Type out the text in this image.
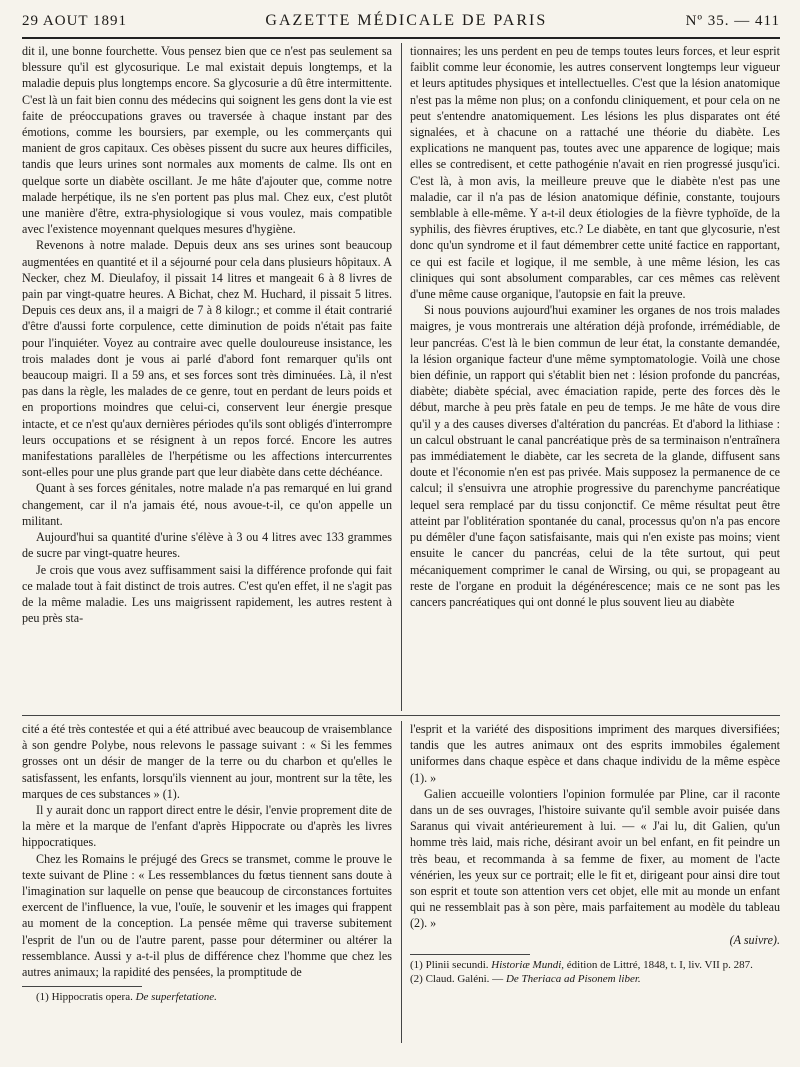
29 AOUT 1891	GAZETTE MÉDICALE DE PARIS	Nº 35. — 411

dit il, une bonne fourchette. Vous pensez bien que ce n'est pas seulement sa blessure qu'il est glycosurique. Le mal existait depuis longtemps, et la maladie depuis plus longtemps encore. Sa glycosurie a dû être intermittente. C'est là un fait bien connu des médecins qui soignent les gens dont la vie est faite de préoccupations graves ou traversée à chaque instant par des émotions, comme les boursiers, par exemple, ou les commerçants qui manient de gros capitaux. Ces obèses pissent du sucre aux heures difficiles, tandis que leurs urines sont normales aux moments de calme. Ils ont en quelque sorte un diabète oscillant. Je me hâte d'ajouter que, comme notre malade herpétique, ils ne s'en portent pas plus mal. Chez eux, c'est plutôt une manière d'être, extra-physiologique si vous voulez, mais compatible avec l'existence moyennant quelques mesures d'hygiène.

Revenons à notre malade. Depuis deux ans ses urines sont beaucoup augmentées en quantité et il a séjourné pour cela dans plusieurs hôpitaux. A Necker, chez M. Dieulafoy, il pissait 14 litres et mangeait 6 à 8 livres de pain par vingt-quatre heures. A Bichat, chez M. Huchard, il pissait 5 litres. Depuis ces deux ans, il a maigri de 7 à 8 kilogr.; et comme il était contrarié d'être d'aussi forte corpulence, cette diminution de poids n'était pas faite pour l'inquiéter. Voyez au contraire avec quelle douloureuse insistance, les trois malades dont je vous ai parlé d'abord font remarquer qu'ils ont beaucoup maigri. Il a 59 ans, et ses forces sont très diminuées. Là, il n'est pas dans la règle, les malades de ce genre, tout en perdant de leurs poids et en proportions moindres que celui-ci, conservent leur énergie presque intacte, et ce n'est qu'aux dernières périodes qu'ils sont obligés d'interrompre leurs occupations et se résignent à un repos forcé. Encore les autres manifestations parallèles de l'herpétisme ou les affections intercurrentes sont-elles pour une plus grande part que leur diabète dans cette déchéance.

Quant à ses forces génitales, notre malade n'a pas remarqué en lui grand changement, car il n'a jamais été, nous avoue-t-il, ce qu'on appelle un militant.

Aujourd'hui sa quantité d'urine s'élève à 3 ou 4 litres avec 133 grammes de sucre par vingt-quatre heures.

Je crois que vous avez suffisamment saisi la différence profonde qui fait ce malade tout à fait distinct de trois autres. C'est qu'en effet, il ne s'agit pas de la même maladie. Les uns maigrissent rapidement, les autres restent à peu près sta-

tionnaires; les uns perdent en peu de temps toutes leurs forces, et leur esprit faiblit comme leur économie, les autres conservent longtemps leur vigueur et leurs aptitudes physiques et intellectuelles. C'est que la lésion anatomique n'est pas la même non plus; on a confondu cliniquement, et pour cela on ne peut s'entendre anatomiquement. Les lésions les plus disparates ont été signalées, et à chacune on a rattaché une théorie du diabète. Les explications ne manquent pas, toutes avec une apparence de logique; mais elles se contredisent, et cette pathogénie n'avait en rien progressé jusqu'ici. C'est là, à mon avis, la meilleure preuve que le diabète n'est pas une maladie, car il n'a pas de lésion anatomique définie, constante, toujours semblable à elle-même. Y a-t-il deux étiologies de la fièvre typhoïde, de la syphilis, des fièvres éruptives, etc.? Le diabète, en tant que glycosurie, n'est donc qu'un syndrome et il faut démembrer cette unité factice en rapportant, ce qui est facile et logique, il me semble, à une même lésion, les cas cliniques qui sont absolument comparables, car ces mêmes cas relèvent d'une même cause organique, l'autopsie en fait la preuve.

Si nous pouvions aujourd'hui examiner les organes de nos trois malades maigres, je vous montrerais une altération déjà profonde, irrémédiable, de leur pancréas. C'est là le bien commun de leur état, la constante demandée, la lésion organique facteur d'une même symptomatologie. Voilà une chose bien définie, un rapport qui s'établit bien net : lésion profonde du pancréas, diabète; diabète spécial, avec émaciation rapide, perte des forces dès le début, marche à peu près fatale en peu de temps. Je me hâte de vous dire qu'il y a des causes diverses d'altération du pancréas. Et d'abord la lithiase : un calcul obstruant le canal pancréatique près de sa terminaison n'entraînera pas immédiatement le diabète, car les secreta de la glande, diffusent sans doute et l'économie n'en est pas privée. Mais supposez la permanence de ce calcul; il s'ensuivra une atrophie progressive du parenchyme pancréatique lequel sera remplacé par du tissu conjonctif. Ce même résultat peut être atteint par l'oblitération spontanée du canal, processus qu'on n'a pas encore pu démêler d'une façon satisfaisante, mais qui n'en existe pas moins; vient ensuite le cancer du pancréas, celui de la tête surtout, qui peut mécaniquement comprimer le canal de Wirsing, ou qui, se propageant au reste de l'organe en produit la dégénérescence; mais ce ne sont pas les cancers pancréatiques qui ont donné le plus souvent lieu au diabète

cité a été très contestée et qui a été attribué avec beaucoup de vraisemblance à son gendre Polybe, nous relevons le passage suivant : « Si les femmes grosses ont un désir de manger de la terre ou du charbon et qu'elles le satisfassent, les enfants, lorsqu'ils viennent au jour, montrent sur la tête, les marques de ces substances » (1).

Il y aurait donc un rapport direct entre le désir, l'envie proprement dite de la mère et la marque de l'enfant d'après Hippocrate ou d'après les livres hippocratiques.

Chez les Romains le préjugé des Grecs se transmet, comme le prouve le texte suivant de Pline : « Les ressemblances du fœtus tiennent sans doute à l'imagination sur laquelle on pense que beaucoup de circonstances fortuites exercent de l'influence, la vue, l'ouïe, le souvenir et les images qui frappent au moment de la conception. La pensée même qui traverse subitement l'esprit de l'un ou de l'autre parent, passe pour déterminer ou altérer la ressemblance. Aussi y a-t-il plus de différence chez l'homme que chez les autres animaux; la rapidité des pensées, la promptitude de

(1) Hippocratis opera. De superfetatione.

l'esprit et la variété des dispositions impriment des marques diversifiées; tandis que les autres animaux ont des esprits immobiles également uniformes dans chaque espèce et dans chaque individu de la même espèce (1). »

Galien accueille volontiers l'opinion formulée par Pline, car il raconte dans un de ses ouvrages, l'histoire suivante qu'il semble avoir puisée dans Saranus qui vivait antérieurement à lui. — « J'ai lu, dit Galien, qu'un homme très laid, mais riche, désirant avoir un bel enfant, en fit peindre un très beau, et recommanda à sa femme de fixer, au moment de l'acte vénérien, les yeux sur ce portrait; elle le fit et, dirigeant pour ainsi dire tout son esprit et toute son attention vers cet objet, elle mit au monde un enfant qui ne ressemblait pas à son père, mais parfaitement au modèle du tableau (2). »

(A suivre).

(1) Plinii secundi. Historiæ Mundi, édition de Littré, 1848, t. I, liv. VII p. 287.

(2) Claud. Galéni. — De Theriaca ad Pisonem liber.
